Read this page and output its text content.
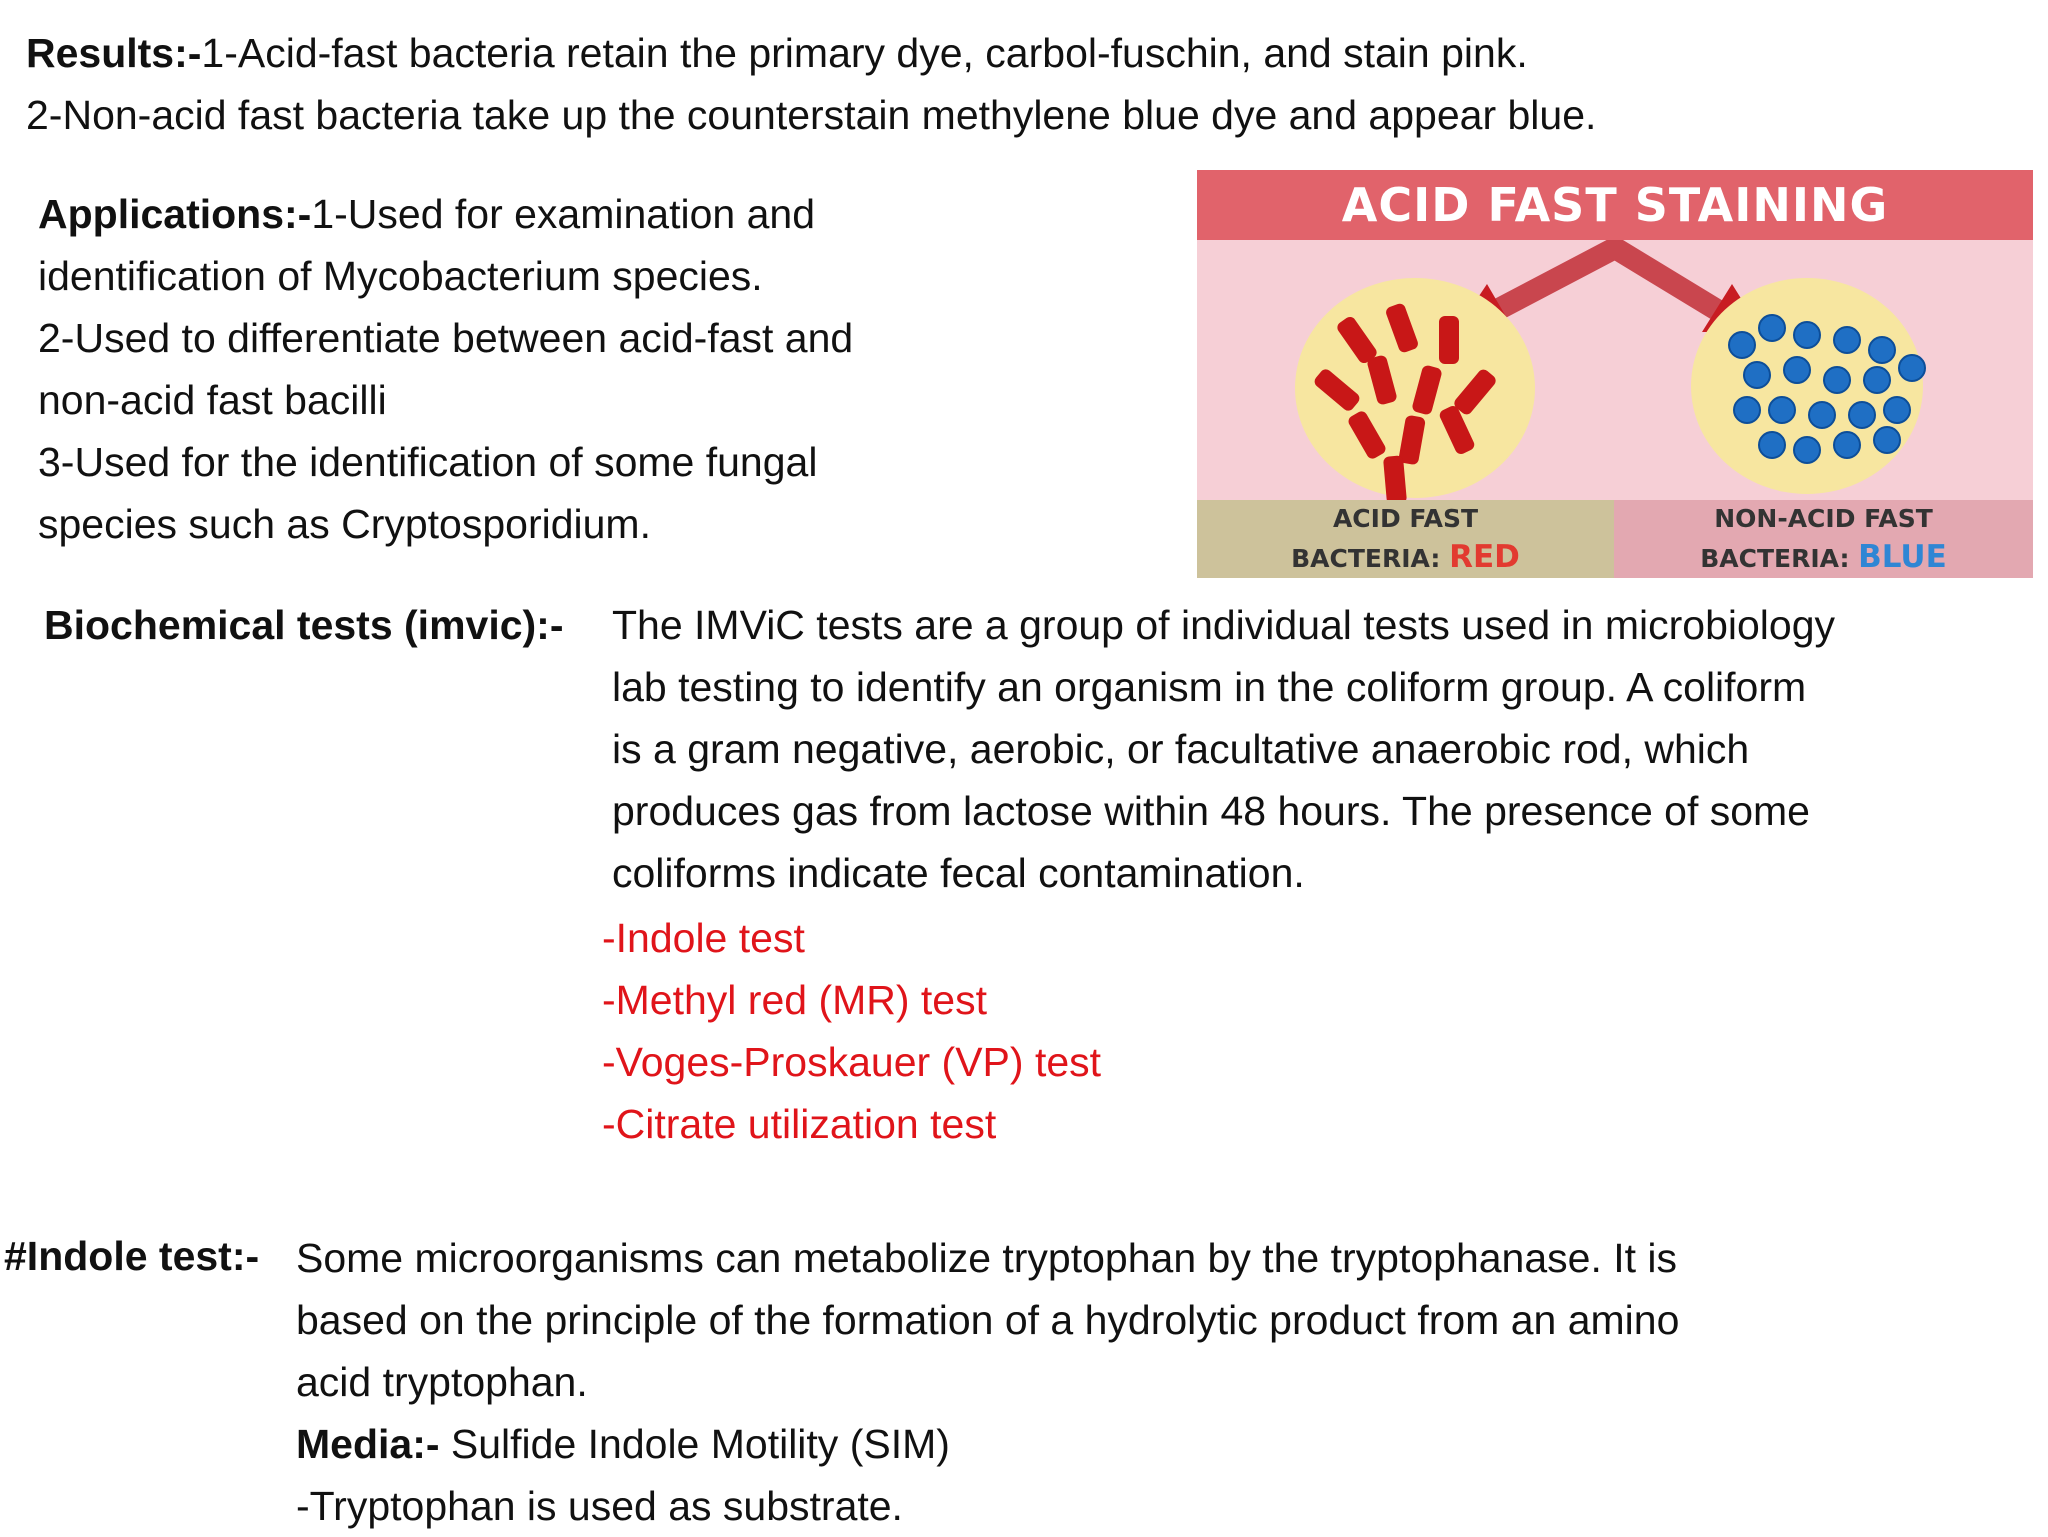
Results:-1-Acid-fast bacteria retain the primary dye, carbol-fuschin, and stain pink.
2-Non-acid fast bacteria take up the counterstain methylene blue dye and appear blue.
Applications:-1-Used for examination and
identification of Mycobacterium species.
2-Used to differentiate between acid-fast and
non-acid fast bacilli
3-Used for the identification of some fungal
species such as Cryptosporidium.
ACID FAST STAINING
ACID FAST
BACTERIA: RED
NON-ACID FAST
BACTERIA: BLUE
Biochemical tests (imvic):- The IMViC tests are a group of individual tests used in microbiology
lab testing to identify an organism in the coliform group. A coliform
is a gram negative, aerobic, or facultative anaerobic rod, which
produces gas from lactose within 48 hours. The presence of some
coliforms indicate fecal contamination.
-Indole test
-Methyl red (MR) test
-Voges-Proskauer (VP) test
-Citrate utilization test
#Indole test:- Some microorganisms can metabolize tryptophan by the tryptophanase. It is
based on the principle of the formation of a hydrolytic product from an amino
acid tryptophan.
Media:- Sulfide Indole Motility (SIM)
-Tryptophan is used as substrate.
